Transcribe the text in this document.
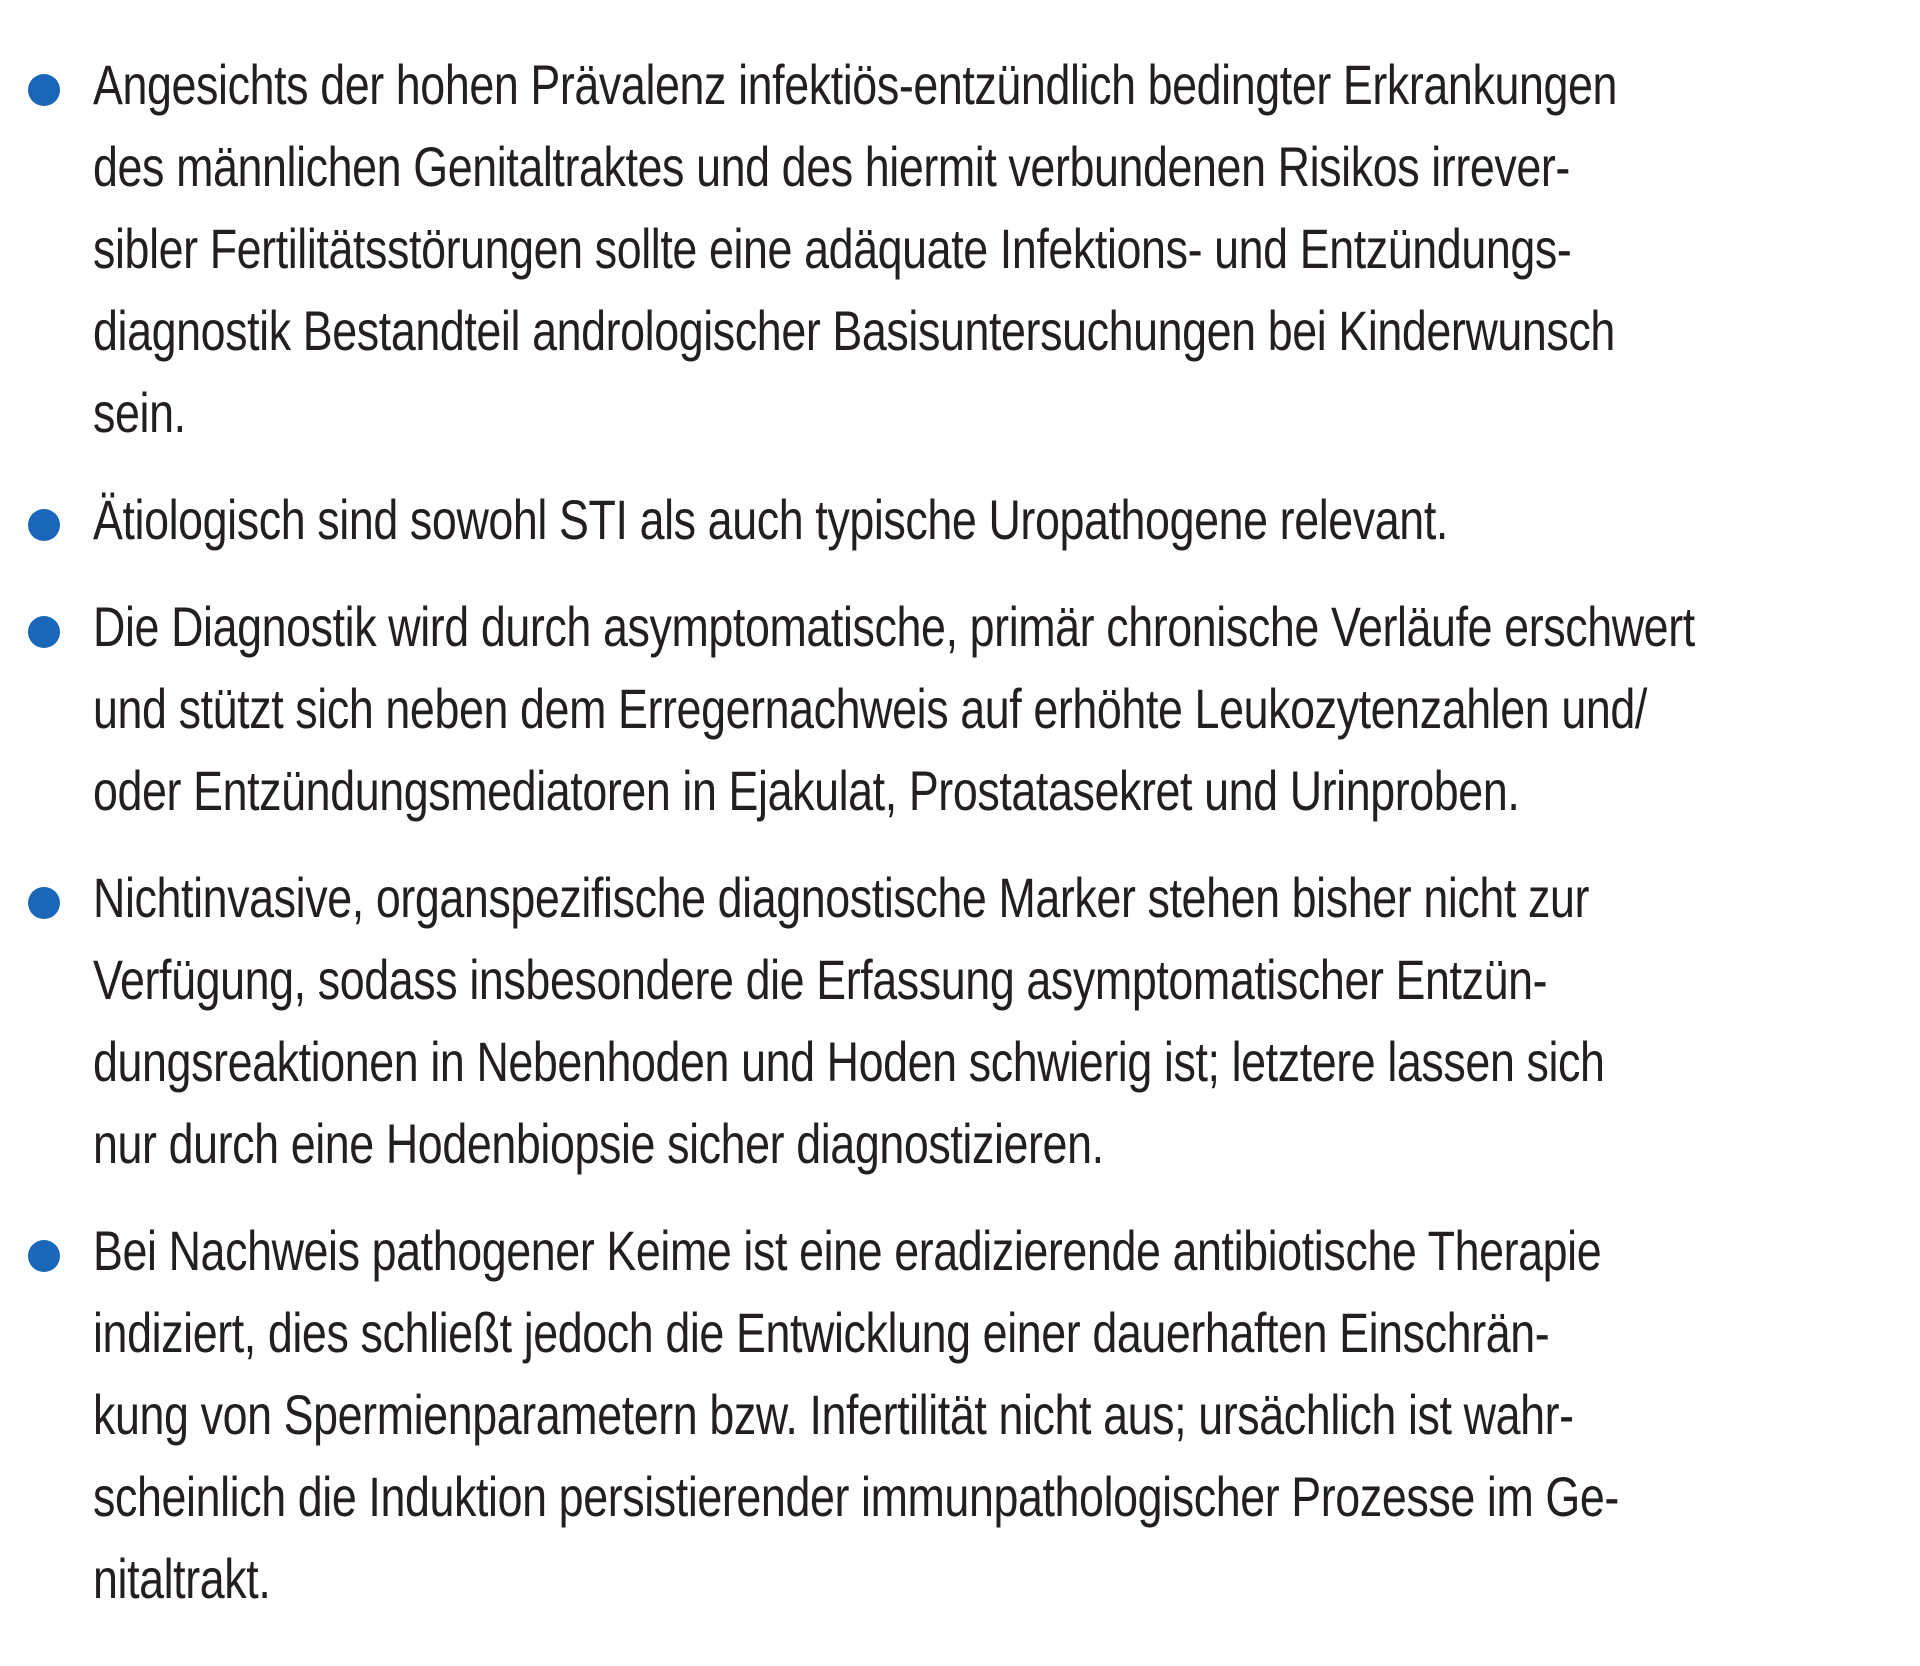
Angesichts der hohen Prävalenz infektiös-entzündlich bedingter Erkrankungen
des männlichen Genitaltraktes und des hiermit verbundenen Risikos irrever-
sibler Fertilitätsstörungen sollte eine adäquate Infektions- und Entzündungs-
diagnostik Bestandteil andrologischer Basisuntersuchungen bei Kinderwunsch
sein.
Ätiologisch sind sowohl STI als auch typische Uropathogene relevant.
Die Diagnostik wird durch asymptomatische, primär chronische Verläufe erschwert
und stützt sich neben dem Erregernachweis auf erhöhte Leukozytenzahlen und/
oder Entzündungsmediatoren in Ejakulat, Prostatasekret und Urinproben.
Nichtinvasive, organspezifische diagnostische Marker stehen bisher nicht zur
Verfügung, sodass insbesondere die Erfassung asymptomatischer Entzün-
dungsreaktionen in Nebenhoden und Hoden schwierig ist; letztere lassen sich
nur durch eine Hodenbiopsie sicher diagnostizieren.
Bei Nachweis pathogener Keime ist eine eradizierende antibiotische Therapie
indiziert, dies schließt jedoch die Entwicklung einer dauerhaften Einschrän-
kung von Spermienparametern bzw. Infertilität nicht aus; ursächlich ist wahr-
scheinlich die Induktion persistierender immunpathologischer Prozesse im Ge-
nitaltrakt.
